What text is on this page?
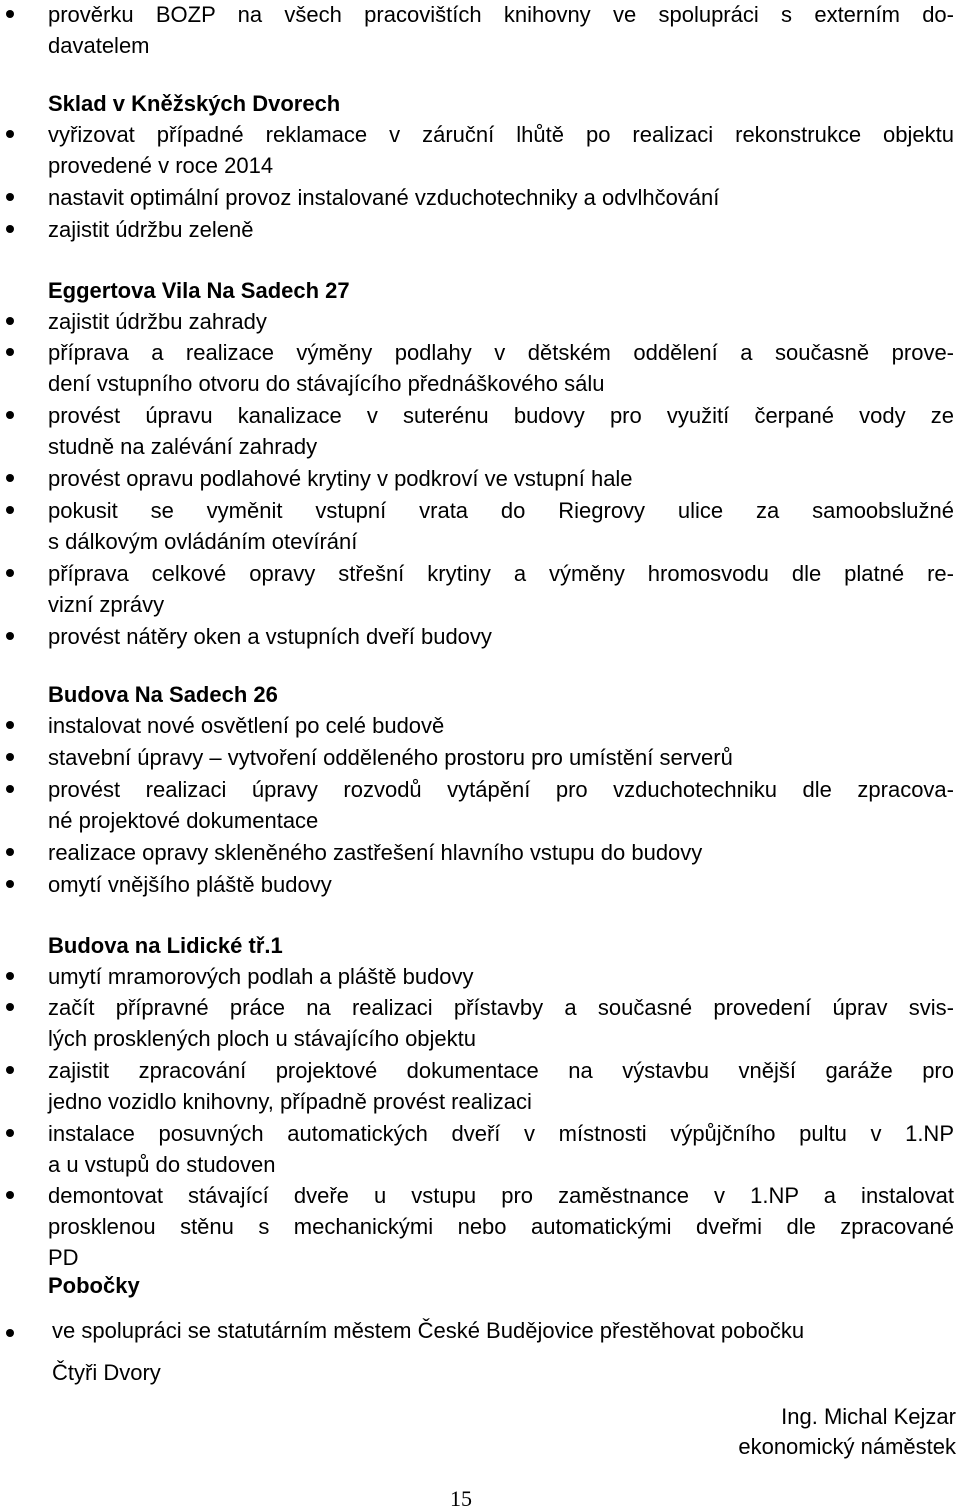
prověrku BOZP na všech pracovištích knihovny ve spolupráci s externím do-
davatelem
Sklad v Kněžských Dvorech
vyřizovat případné reklamace v záruční lhůtě po realizaci rekonstrukce objektu
provedené v roce 2014
nastavit optimální provoz instalované vzduchotechniky a odvlhčování
zajistit údržbu zeleně
Eggertova Vila Na Sadech 27
zajistit údržbu zahrady
příprava a realizace výměny podlahy v dětském oddělení a současně prove-
dení vstupního otvoru do stávajícího přednáškového sálu
provést úpravu kanalizace v suterénu budovy pro využití čerpané vody ze
studně na zalévání zahrady
provést opravu podlahové krytiny v podkroví ve vstupní hale
pokusit se vyměnit vstupní vrata do Riegrovy ulice za samoobslužné
s dálkovým ovládáním otevírání
příprava celkové opravy střešní krytiny a výměny hromosvodu dle platné re-
vizní zprávy
provést nátěry oken a vstupních dveří budovy
Budova Na Sadech 26
instalovat nové osvětlení po celé budově
stavební úpravy – vytvoření odděleného prostoru pro umístění serverů
provést realizaci úpravy rozvodů vytápění pro vzduchotechniku dle zpracova-
né projektové dokumentace
realizace opravy skleněného zastřešení hlavního vstupu do budovy
omytí vnějšího pláště budovy
Budova na Lidické tř.1
umytí mramorových podlah a pláště budovy
začít přípravné práce na realizaci přístavby a současné provedení úprav svis-
lých prosklených ploch u stávajícího objektu
zajistit zpracování projektové dokumentace na výstavbu vnější garáže pro
jedno vozidlo knihovny, případně provést realizaci
instalace posuvných automatických dveří v místnosti výpůjčního pultu v 1.NP
a u vstupů do studoven
demontovat stávající dveře u vstupu pro zaměstnance v 1.NP a instalovat
prosklenou stěnu s mechanickými nebo automatickými dveřmi dle zpracované
PD
Pobočky
ve spolupráci se statutárním městem České Budějovice přestěhovat pobočku
Čtyři Dvory
Ing. Michal Kejzar
ekonomický náměstek
15
